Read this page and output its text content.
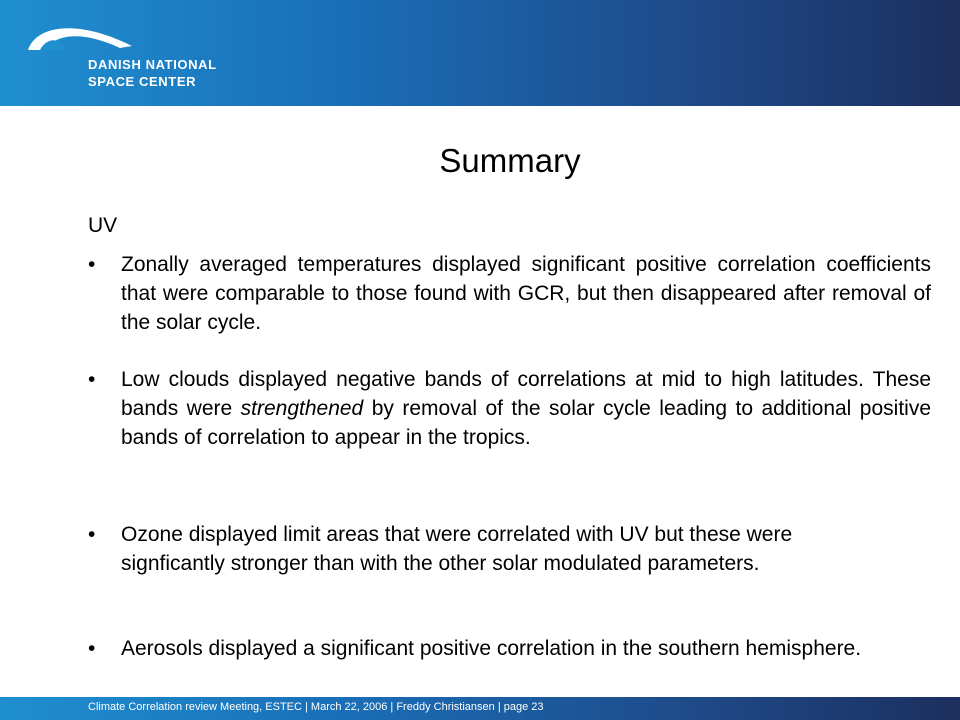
DANISH NATIONAL
SPACE CENTER
Summary
UV
• Zonally averaged temperatures displayed significant positive correlation coefficients that were comparable to those found with GCR, but then disappeared after removal of the solar cycle.
• Low clouds displayed negative bands of correlations at mid to high latitudes. These bands were strengthened by removal of the solar cycle leading to additional positive bands of correlation to appear in the tropics.
• Ozone displayed limit areas that were correlated with UV but these were signficantly stronger than with the other solar modulated parameters.
• Aerosols displayed a significant positive correlation in the southern hemisphere.
Climate Correlation review Meeting, ESTEC | March 22, 2006 | Freddy Christiansen | page 23
